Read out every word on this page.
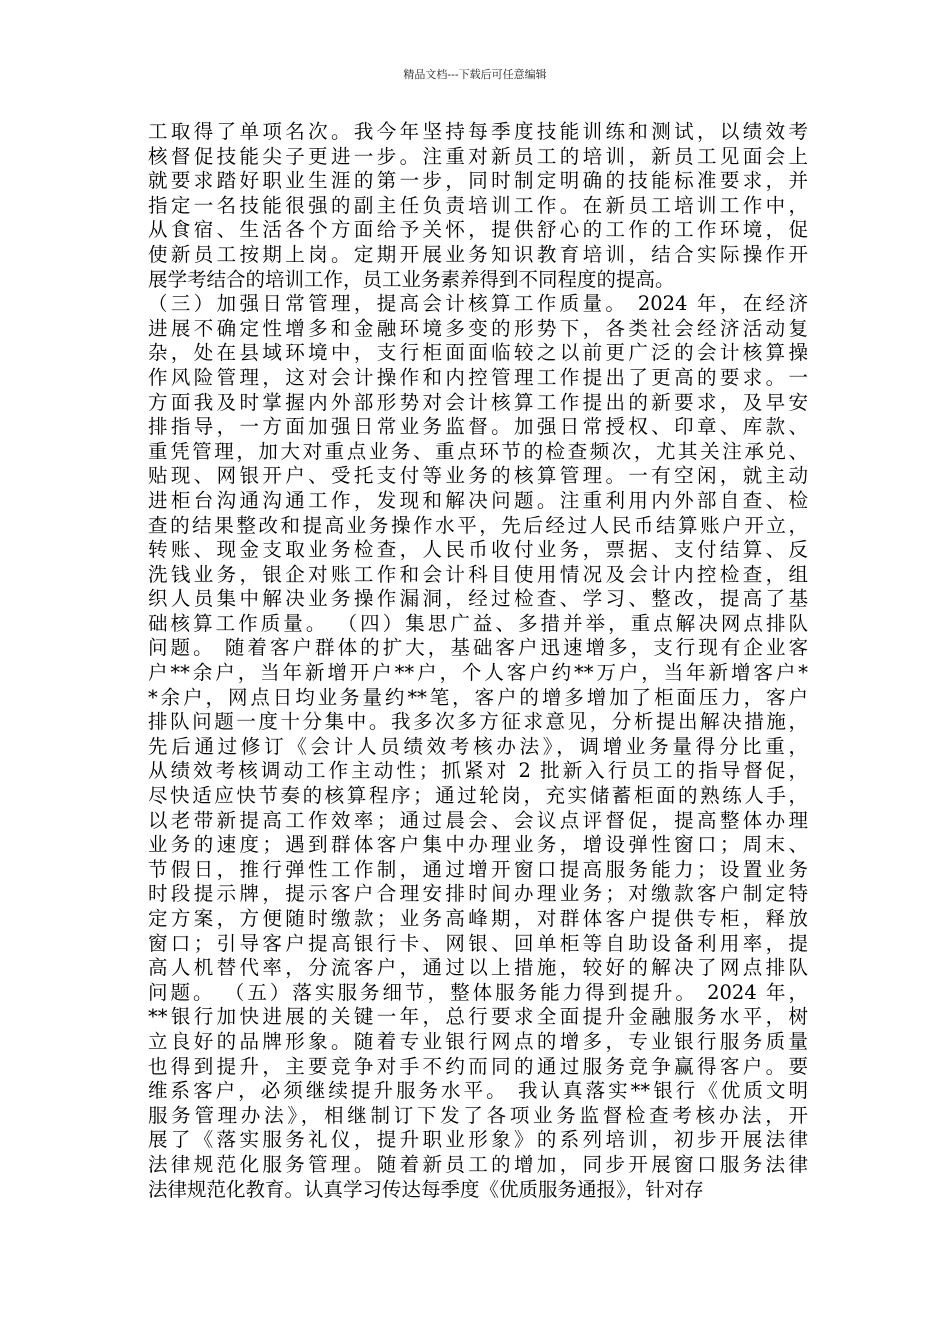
精品文档---下载后可任意编辑
工取得了单项名次。我今年坚持每季度技能训练和测试，以绩效考
核督促技能尖子更进一步。注重对新员工的培训，新员工见面会上
就要求踏好职业生涯的第一步，同时制定明确的技能标准要求，并
指定一名技能很强的副主任负责培训工作。在新员工培训工作中，
从食宿、生活各个方面给予关怀，提供舒心的工作的工作环境，促
使新员工按期上岗。定期开展业务知识教育培训，结合实际操作开
展学考结合的培训工作，员工业务素养得到不同程度的提高。
（三）加强日常管理，提高会计核算工作质量。 2024 年，在经济
进展不确定性增多和金融环境多变的形势下，各类社会经济活动复
杂，处在县域环境中，支行柜面面临较之以前更广泛的会计核算操
作风险管理，这对会计操作和内控管理工作提出了更高的要求。一
方面我及时掌握内外部形势对会计核算工作提出的新要求，及早安
排指导，一方面加强日常业务监督。加强日常授权、印章、库款、
重凭管理，加大对重点业务、重点环节的检查频次，尤其关注承兑、
贴现、网银开户、受托支付等业务的核算管理。一有空闲，就主动
进柜台沟通沟通工作，发现和解决问题。注重利用内外部自查、检
查的结果整改和提高业务操作水平，先后经过人民币结算账户开立，
转账、现金支取业务检查，人民币收付业务，票据、支付结算、反
洗钱业务，银企对账工作和会计科目使用情况及会计内控检查，组
织人员集中解决业务操作漏洞，经过检查、学习、整改，提高了基
础核算工作质量。 （四）集思广益、多措并举，重点解决网点排队
问题。 随着客户群体的扩大，基础客户迅速增多，支行现有企业客
户**余户，当年新增开户**户，个人客户约**万户，当年新增客户*
*余户，网点日均业务量约**笔，客户的增多增加了柜面压力，客户
排队问题一度十分集中。我多次多方征求意见，分析提出解决措施，
先后通过修订《会计人员绩效考核办法》，调增业务量得分比重，
从绩效考核调动工作主动性；抓紧对 2 批新入行员工的指导督促，
尽快适应快节奏的核算程序；通过轮岗，充实储蓄柜面的熟练人手，
以老带新提高工作效率；通过晨会、会议点评督促，提高整体办理
业务的速度；遇到群体客户集中办理业务，增设弹性窗口；周末、
节假日，推行弹性工作制，通过增开窗口提高服务能力；设置业务
时段提示牌，提示客户合理安排时间办理业务；对缴款客户制定特
定方案，方便随时缴款；业务高峰期，对群体客户提供专柜，释放
窗口；引导客户提高银行卡、网银、回单柜等自助设备利用率，提
高人机替代率，分流客户，通过以上措施，较好的解决了网点排队
问题。 （五）落实服务细节，整体服务能力得到提升。 2024 年，
**银行加快进展的关键一年，总行要求全面提升金融服务水平，树
立良好的品牌形象。随着专业银行网点的增多，专业银行服务质量
也得到提升，主要竞争对手不约而同的通过服务竞争赢得客户。要
维系客户，必须继续提升服务水平。 我认真落实**银行《优质文明
服务管理办法》，相继制订下发了各项业务监督检查考核办法，开
展了《落实服务礼仪，提升职业形象》的系列培训，初步开展法律
法律规范化服务管理。随着新员工的增加，同步开展窗口服务法律
法律规范化教育。认真学习传达每季度《优质服务通报》，针对存
